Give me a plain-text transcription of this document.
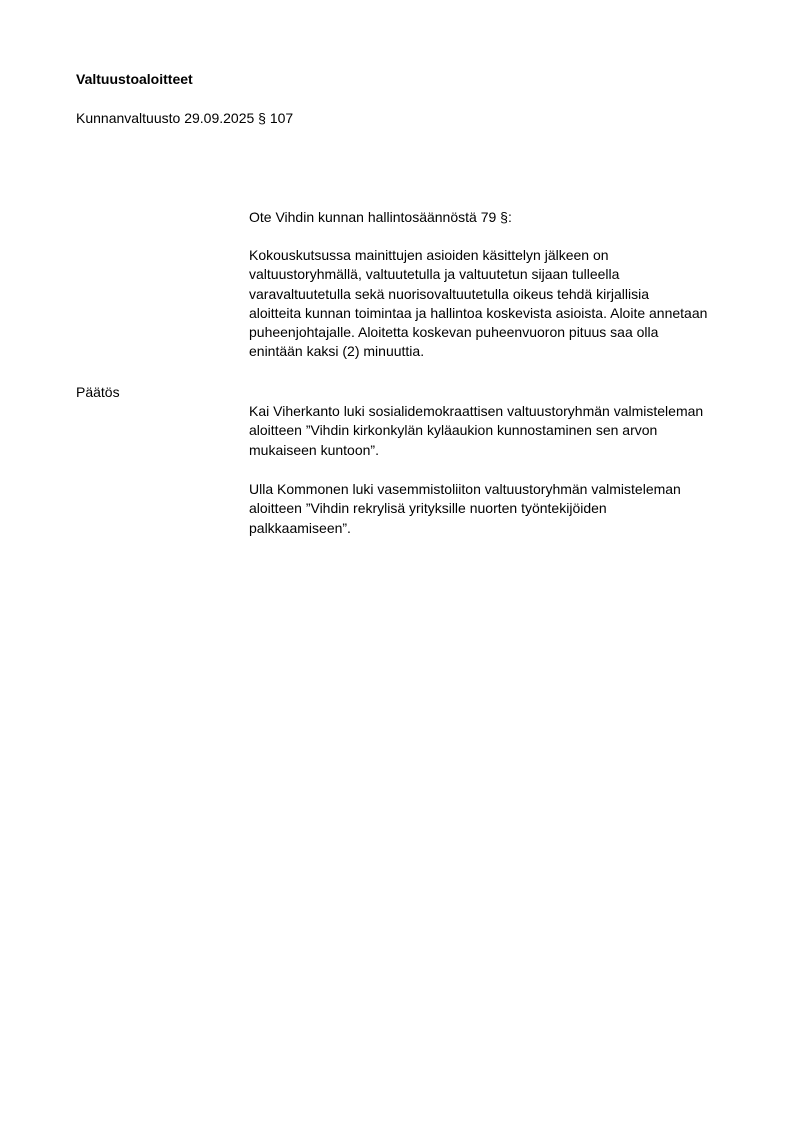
Valtuustoaloitteet
Kunnanvaltuusto 29.09.2025 § 107
Ote Vihdin kunnan hallintosäännöstä 79 §:

Kokouskutsussa mainittujen asioiden käsittelyn jälkeen on
valtuustoryhmällä, valtuutetulla ja valtuutetun sijaan tulleella
varavaltuutetulla sekä nuorisovaltuutetulla oikeus tehdä kirjallisia
aloitteita kunnan toimintaa ja hallintoa koskevista asioista. Aloite annetaan
puheenjohtajalle. Aloitetta koskevan puheenvuoron pituus saa olla
enintään kaksi (2) minuuttia.

Päätös

Kai Viherkanto luki sosialidemokraattisen valtuustoryhmän valmisteleman
aloitteen ”Vihdin kirkonkylän kyläaukion kunnostaminen sen arvon
mukaiseen kuntoon”.

Ulla Kommonen luki vasemmistoliiton valtuustoryhmän valmisteleman
aloitteen ”Vihdin rekrylisä yrityksille nuorten työntekijöiden
palkkaamiseen”.
